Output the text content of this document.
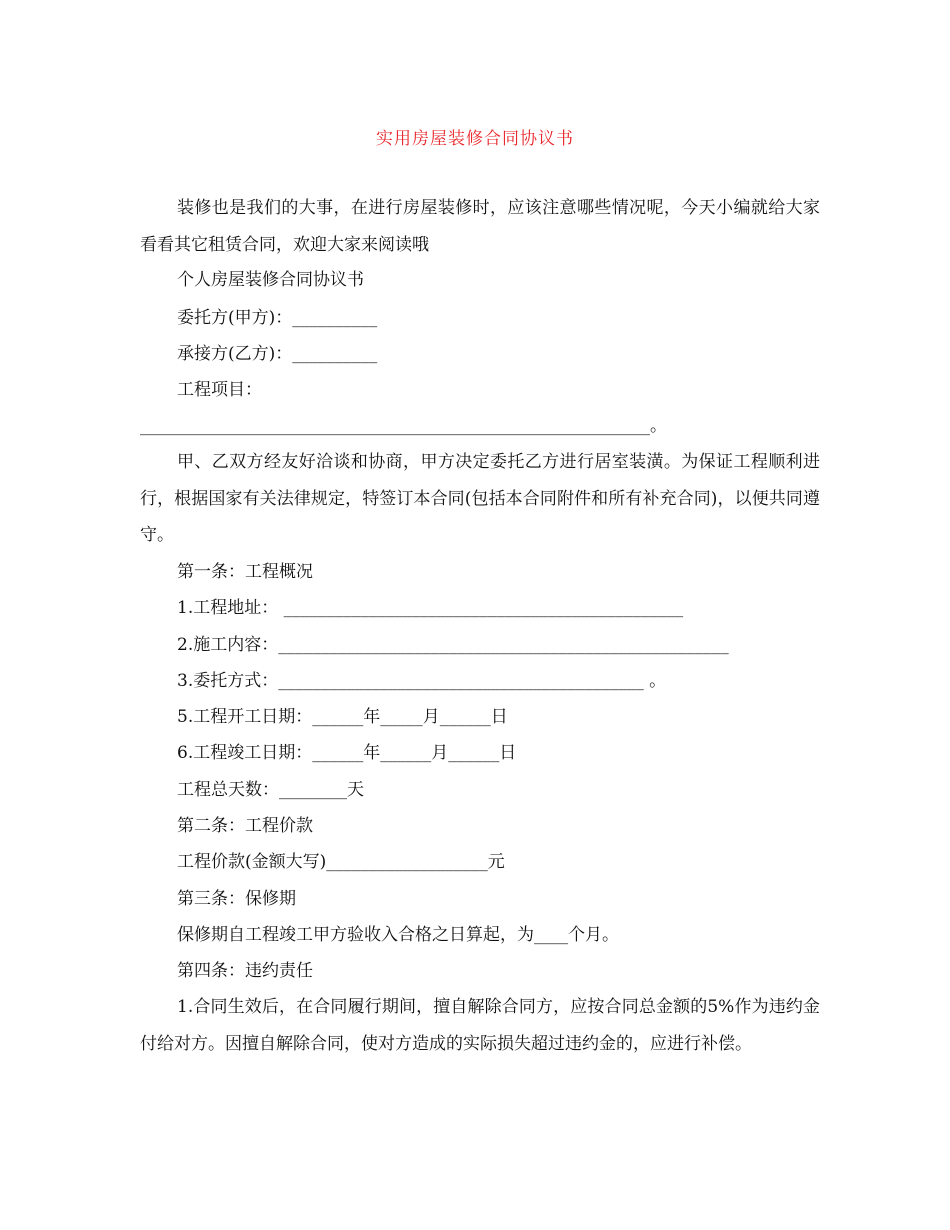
实用房屋装修合同协议书
装修也是我们的大事，在进行房屋装修时，应该注意哪些情况呢，今天小编就给大家看看其它租赁合同，欢迎大家来阅读哦
个人房屋装修合同协议书
委托方(甲方)：__________
承接方(乙方)：__________
工程项目：
____________________________________________________________。
甲、乙双方经友好洽谈和协商，甲方决定委托乙方进行居室装潢。为保证工程顺利进行，根据国家有关法律规定，特签订本合同(包括本合同附件和所有补充合同)，以便共同遵守。
第一条：工程概况
1.工程地址： _______________________________________________
2.施工内容：_____________________________________________________
3.委托方式：___________________________________________ 。
5.工程开工日期：______年_____月______日
6.工程竣工日期：______年______月______日
工程总天数：________天
第二条：工程价款
工程价款(金额大写)___________________元
第三条：保修期
保修期自工程竣工甲方验收入合格之日算起，为____个月。
第四条：违约责任
1.合同生效后，在合同履行期间，擅自解除合同方，应按合同总金额的5%作为违约金付给对方。因擅自解除合同，使对方造成的实际损失超过违约金的，应进行补偿。
